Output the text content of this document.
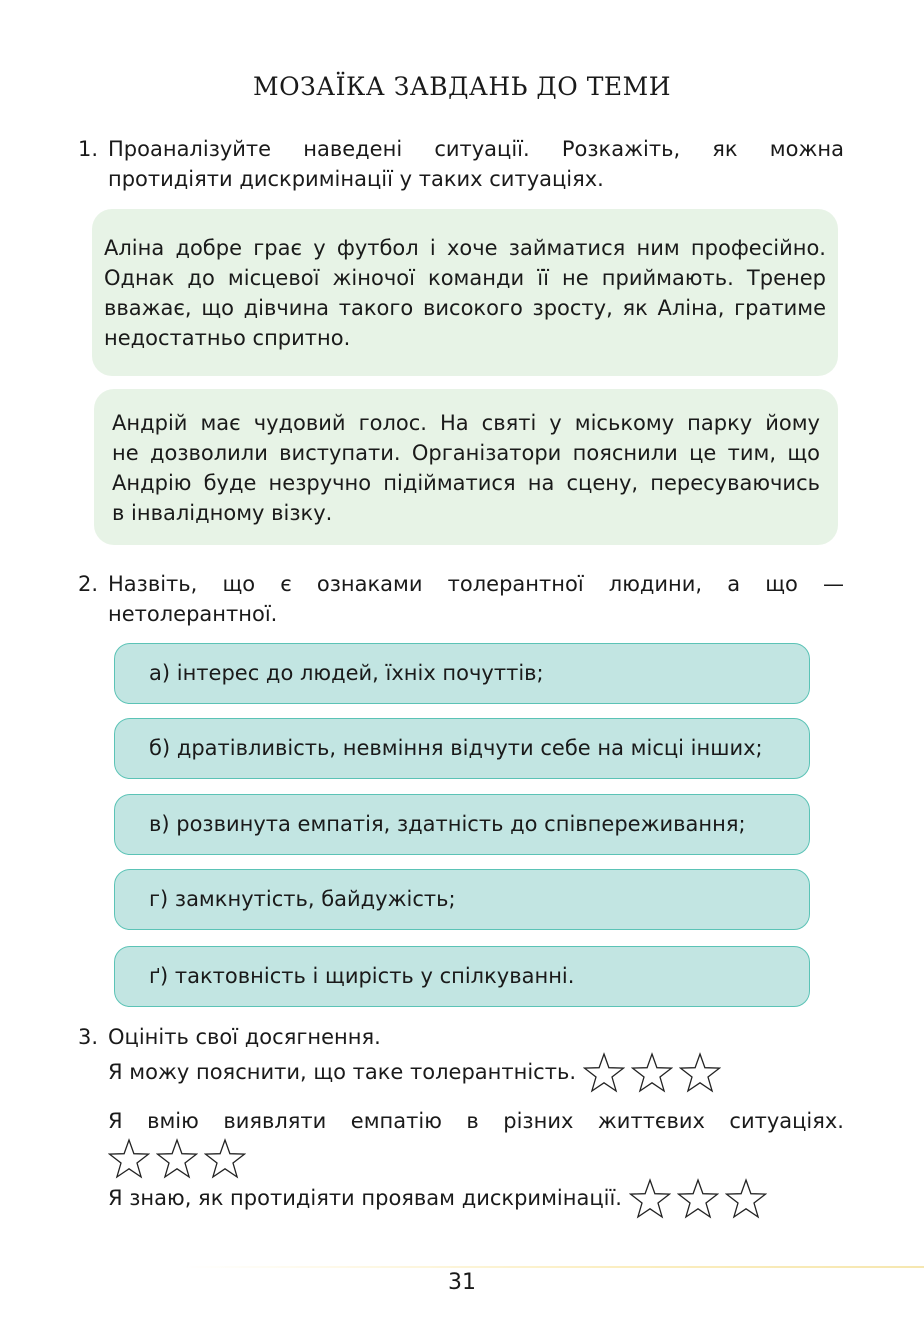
МОЗАЇКА ЗАВДАНЬ ДО ТЕМИ
1. Проаналізуйте наведені ситуації. Розкажіть, як можна
протидіяти дискримінації у таких ситуаціях.
Аліна добре грає у футбол і хоче займатися ним професійно.
Однак до місцевої жіночої команди її не приймають. Тренер
вважає, що дівчина такого високого зросту, як Аліна, гратиме
недостатньо спритно.
Андрій має чудовий голос. На святі у міському парку йому
не дозволили виступати. Організатори пояснили це тим, що
Андрію буде незручно підійматися на сцену, пересуваючись
в інвалідному візку.
2. Назвіть, що є ознаками толерантної людини, а що —
нетолерантної.
а) інтерес до людей, їхніх почуттів;
б) дратівливість, невміння відчути себе на місці інших;
в) розвинута емпатія, здатність до співпереживання;
г) замкнутість, байдужість;
ґ) тактовність і щирість у спілкуванні.
3. Оцініть свої досягнення.
Я можу пояснити, що таке толерантність.
Я вмію виявляти емпатію в різних життєвих ситуаціях.
Я знаю, як протидіяти проявам дискримінації.
31
